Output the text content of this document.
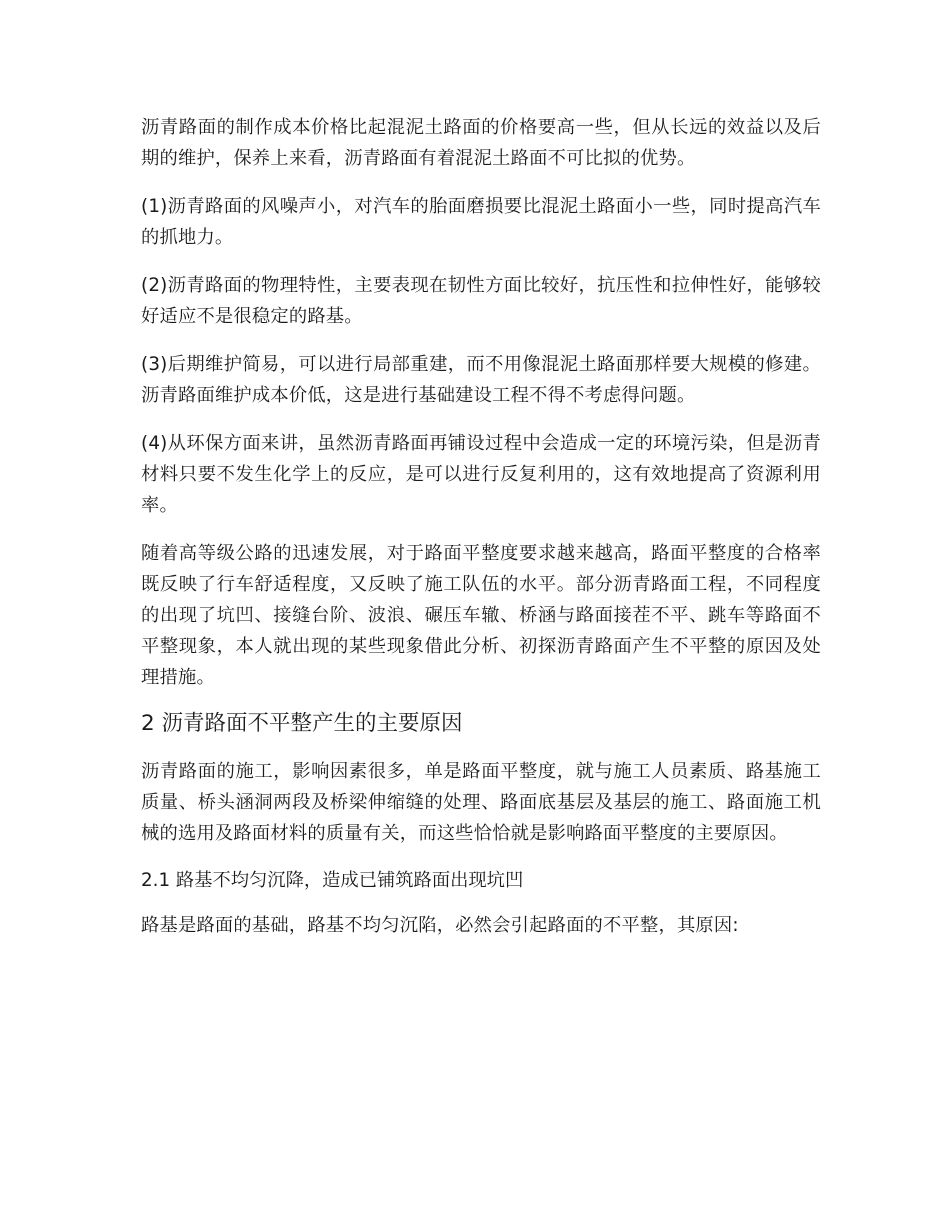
沥青路面的制作成本价格比起混泥土路面的价格要高一些，但从长远的效益以及后期的维护，保养上来看，沥青路面有着混泥土路面不可比拟的优势。

(1)沥青路面的风噪声小，对汽车的胎面磨损要比混泥土路面小一些，同时提高汽车的抓地力。

(2)沥青路面的物理特性，主要表现在韧性方面比较好，抗压性和拉伸性好，能够较好适应不是很稳定的路基。

(3)后期维护简易，可以进行局部重建，而不用像混泥土路面那样要大规模的修建。沥青路面维护成本价低，这是进行基础建设工程不得不考虑得问题。

(4)从环保方面来讲，虽然沥青路面再铺设过程中会造成一定的环境污染，但是沥青材料只要不发生化学上的反应，是可以进行反复利用的，这有效地提高了资源利用率。

随着高等级公路的迅速发展，对于路面平整度要求越来越高，路面平整度的合格率既反映了行车舒适程度，又反映了施工队伍的水平。部分沥青路面工程，不同程度的出现了坑凹、接缝台阶、波浪、碾压车辙、桥涵与路面接茬不平、跳车等路面不平整现象，本人就出现的某些现象借此分析、初探沥青路面产生不平整的原因及处理措施。

2 沥青路面不平整产生的主要原因

沥青路面的施工，影响因素很多，单是路面平整度，就与施工人员素质、路基施工质量、桥头涵洞两段及桥梁伸缩缝的处理、路面底基层及基层的施工、路面施工机械的选用及路面材料的质量有关，而这些恰恰就是影响路面平整度的主要原因。

2.1 路基不均匀沉降，造成已铺筑路面出现坑凹

路基是路面的基础，路基不均匀沉陷，必然会引起路面的不平整，其原因:
